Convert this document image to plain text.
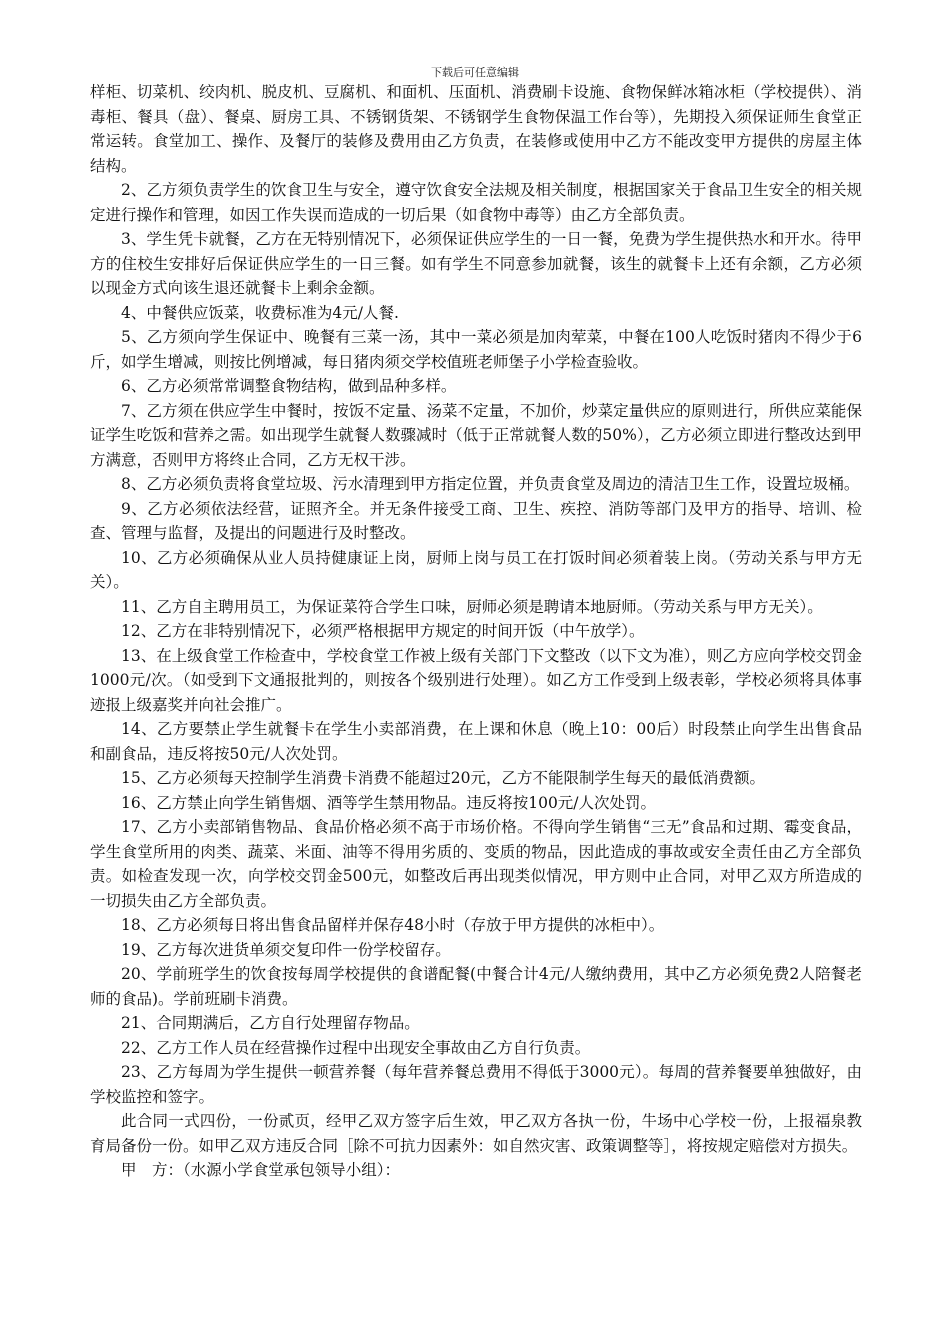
下载后可任意编辑

样柜、切菜机、绞肉机、脱皮机、豆腐机、和面机、压面机、消费刷卡设施、食物保鲜冰箱冰柜（学校提供）、消毒柜、餐具（盘）、餐桌、厨房工具、不锈钢货架、不锈钢学生食物保温工作台等），先期投入须保证师生食堂正常运转。食堂加工、操作、及餐厅的装修及费用由乙方负责，在装修或使用中乙方不能改变甲方提供的房屋主体结构。

2、乙方须负责学生的饮食卫生与安全，遵守饮食安全法规及相关制度，根据国家关于食品卫生安全的相关规定进行操作和管理，如因工作失误而造成的一切后果（如食物中毒等）由乙方全部负责。

3、学生凭卡就餐，乙方在无特别情况下，必须保证供应学生的一日一餐，免费为学生提供热水和开水。待甲方的住校生安排好后保证供应学生的一日三餐。如有学生不同意参加就餐，该生的就餐卡上还有余额，乙方必须以现金方式向该生退还就餐卡上剩余金额。

4、中餐供应饭菜，收费标准为4元/人餐.

5、乙方须向学生保证中、晚餐有三菜一汤，其中一菜必须是加肉荤菜，中餐在100人吃饭时猪肉不得少于6斤，如学生增减，则按比例增减，每日猪肉须交学校值班老师堡子小学检查验收。

6、乙方必须常常调整食物结构，做到品种多样。

7、乙方须在供应学生中餐时，按饭不定量、汤菜不定量，不加价，炒菜定量供应的原则进行，所供应菜能保证学生吃饭和营养之需。如出现学生就餐人数骤减时（低于正常就餐人数的50%），乙方必须立即进行整改达到甲方满意，否则甲方将终止合同，乙方无权干涉。

8、乙方必须负责将食堂垃圾、污水清理到甲方指定位置，并负责食堂及周边的清洁卫生工作，设置垃圾桶。

9、乙方必须依法经营，证照齐全。并无条件接受工商、卫生、疾控、消防等部门及甲方的指导、培训、检查、管理与监督，及提出的问题进行及时整改。

10、乙方必须确保从业人员持健康证上岗，厨师上岗与员工在打饭时间必须着装上岗。（劳动关系与甲方无关）。

11、乙方自主聘用员工，为保证菜符合学生口味，厨师必须是聘请本地厨师。（劳动关系与甲方无关）。

12、乙方在非特别情况下，必须严格根据甲方规定的时间开饭（中午放学）。

13、在上级食堂工作检查中，学校食堂工作被上级有关部门下文整改（以下文为准），则乙方应向学校交罚金1000元/次。（如受到下文通报批判的，则按各个级别进行处理）。如乙方工作受到上级表彰，学校必须将具体事迹报上级嘉奖并向社会推广。

14、乙方要禁止学生就餐卡在学生小卖部消费，在上课和休息（晚上10：00后）时段禁止向学生出售食品和副食品，违反将按50元/人次处罚。

15、乙方必须每天控制学生消费卡消费不能超过20元，乙方不能限制学生每天的最低消费额。

16、乙方禁止向学生销售烟、酒等学生禁用物品。违反将按100元/人次处罚。

17、乙方小卖部销售物品、食品价格必须不高于市场价格。不得向学生销售“三无”食品和过期、霉变食品，学生食堂所用的肉类、蔬菜、米面、油等不得用劣质的、变质的物品，因此造成的事故或安全责任由乙方全部负责。如检查发现一次，向学校交罚金500元，如整改后再出现类似情况，甲方则中止合同，对甲乙双方所造成的一切损失由乙方全部负责。

18、乙方必须每日将出售食品留样并保存48小时（存放于甲方提供的冰柜中）。

19、乙方每次进货单须交复印件一份学校留存。

20、学前班学生的饮食按每周学校提供的食谱配餐(中餐合计4元/人缴纳费用，其中乙方必须免费2人陪餐老师的食品)。学前班刷卡消费。

21、合同期满后，乙方自行处理留存物品。

22、乙方工作人员在经营操作过程中出现安全事故由乙方自行负责。

23、乙方每周为学生提供一顿营养餐（每年营养餐总费用不得低于3000元）。每周的营养餐要单独做好，由学校监控和签字。

此合同一式四份，一份贰页，经甲乙双方签字后生效，甲乙双方各执一份，牛场中心学校一份，上报福泉教育局备份一份。如甲乙双方违反合同［除不可抗力因素外：如自然灾害、政策调整等］，将按规定赔偿对方损失。

甲　方：（水源小学食堂承包领导小组）：
